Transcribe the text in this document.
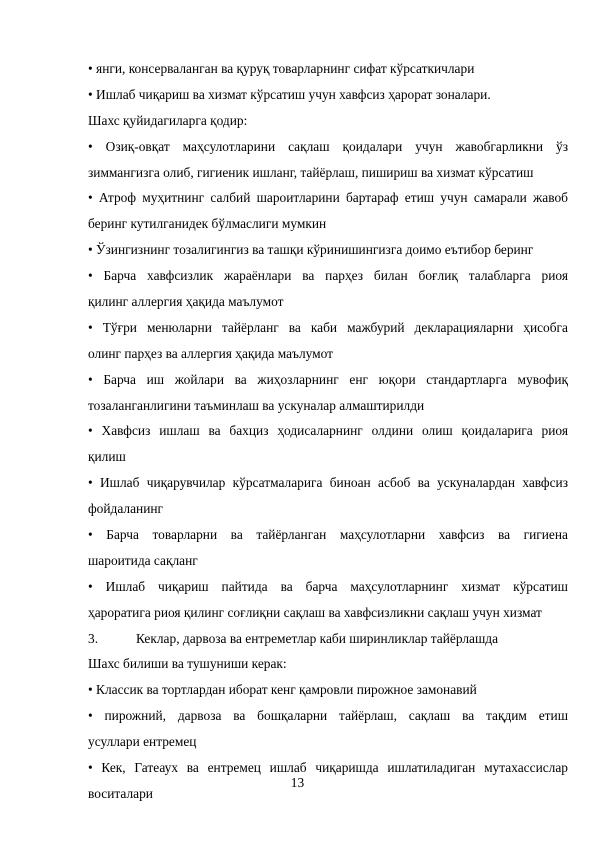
• янги, консерваланган ва қуруқ товарларнинг сифат кўрсаткичлари
• Ишлаб чиқариш ва хизмат кўрсатиш учун хавфсиз ҳарорат зоналари.
Шахс қуйидагиларга қодир:
• Озиқ-овқат маҳсулотларини сақлаш қоидалари учун жавобгарликни ўз
зиммангизга олиб, гигиеник ишланг, тайёрлаш, пишириш ва хизмат кўрсатиш
• Атроф муҳитнинг салбий шароитларини бартараф етиш учун самарали жавоб
беринг кутилганидек бўлмаслиги мумкин
• Ўзингизнинг тозалигингиз ва ташқи кўринишингизга доимо еътибор беринг
• Барча хавфсизлик жараёнлари ва парҳез билан боғлиқ талабларга риоя
қилинг аллергия ҳақида маълумот
• Тўғри менюларни тайёрланг ва каби мажбурий декларацияларни ҳисобга
олинг парҳез ва аллергия ҳақида маълумот
• Барча иш жойлари ва жиҳозларнинг енг юқори стандартларга мувофиқ
тозаланганлигини таъминлаш ва ускуналар алмаштирилди
• Хавфсиз ишлаш ва бахциз ҳодисаларнинг олдини олиш қоидаларига риоя
қилиш
• Ишлаб чиқарувчилар кўрсатмаларига биноан асбоб ва ускуналардан хавфсиз
фойдаланинг
• Барча товарларни ва тайёрланган маҳсулотларни хавфсиз ва гигиена
шароитида сақланг
• Ишлаб чиқариш пайтида ва барча маҳсулотларнинг хизмат кўрсатиш
ҳароратига риоя қилинг соғлиқни сақлаш ва хавфсизликни сақлаш учун хизмат
3.	Кеклар, дарвоза ва ентреметлар каби ширинликлар тайёрлашда
Шахс билиши ва тушуниши керак:
• Классик ва тортлардан иборат кенг қамровли пирожное замонавий
• пирожний, дарвоза ва бошқаларни тайёрлаш, сақлаш ва тақдим етиш
усуллари ентремец
• Кек, Гатеаух ва ентремец ишлаб чиқаришда ишлатиладиган мутахассислар
воситалари
13
